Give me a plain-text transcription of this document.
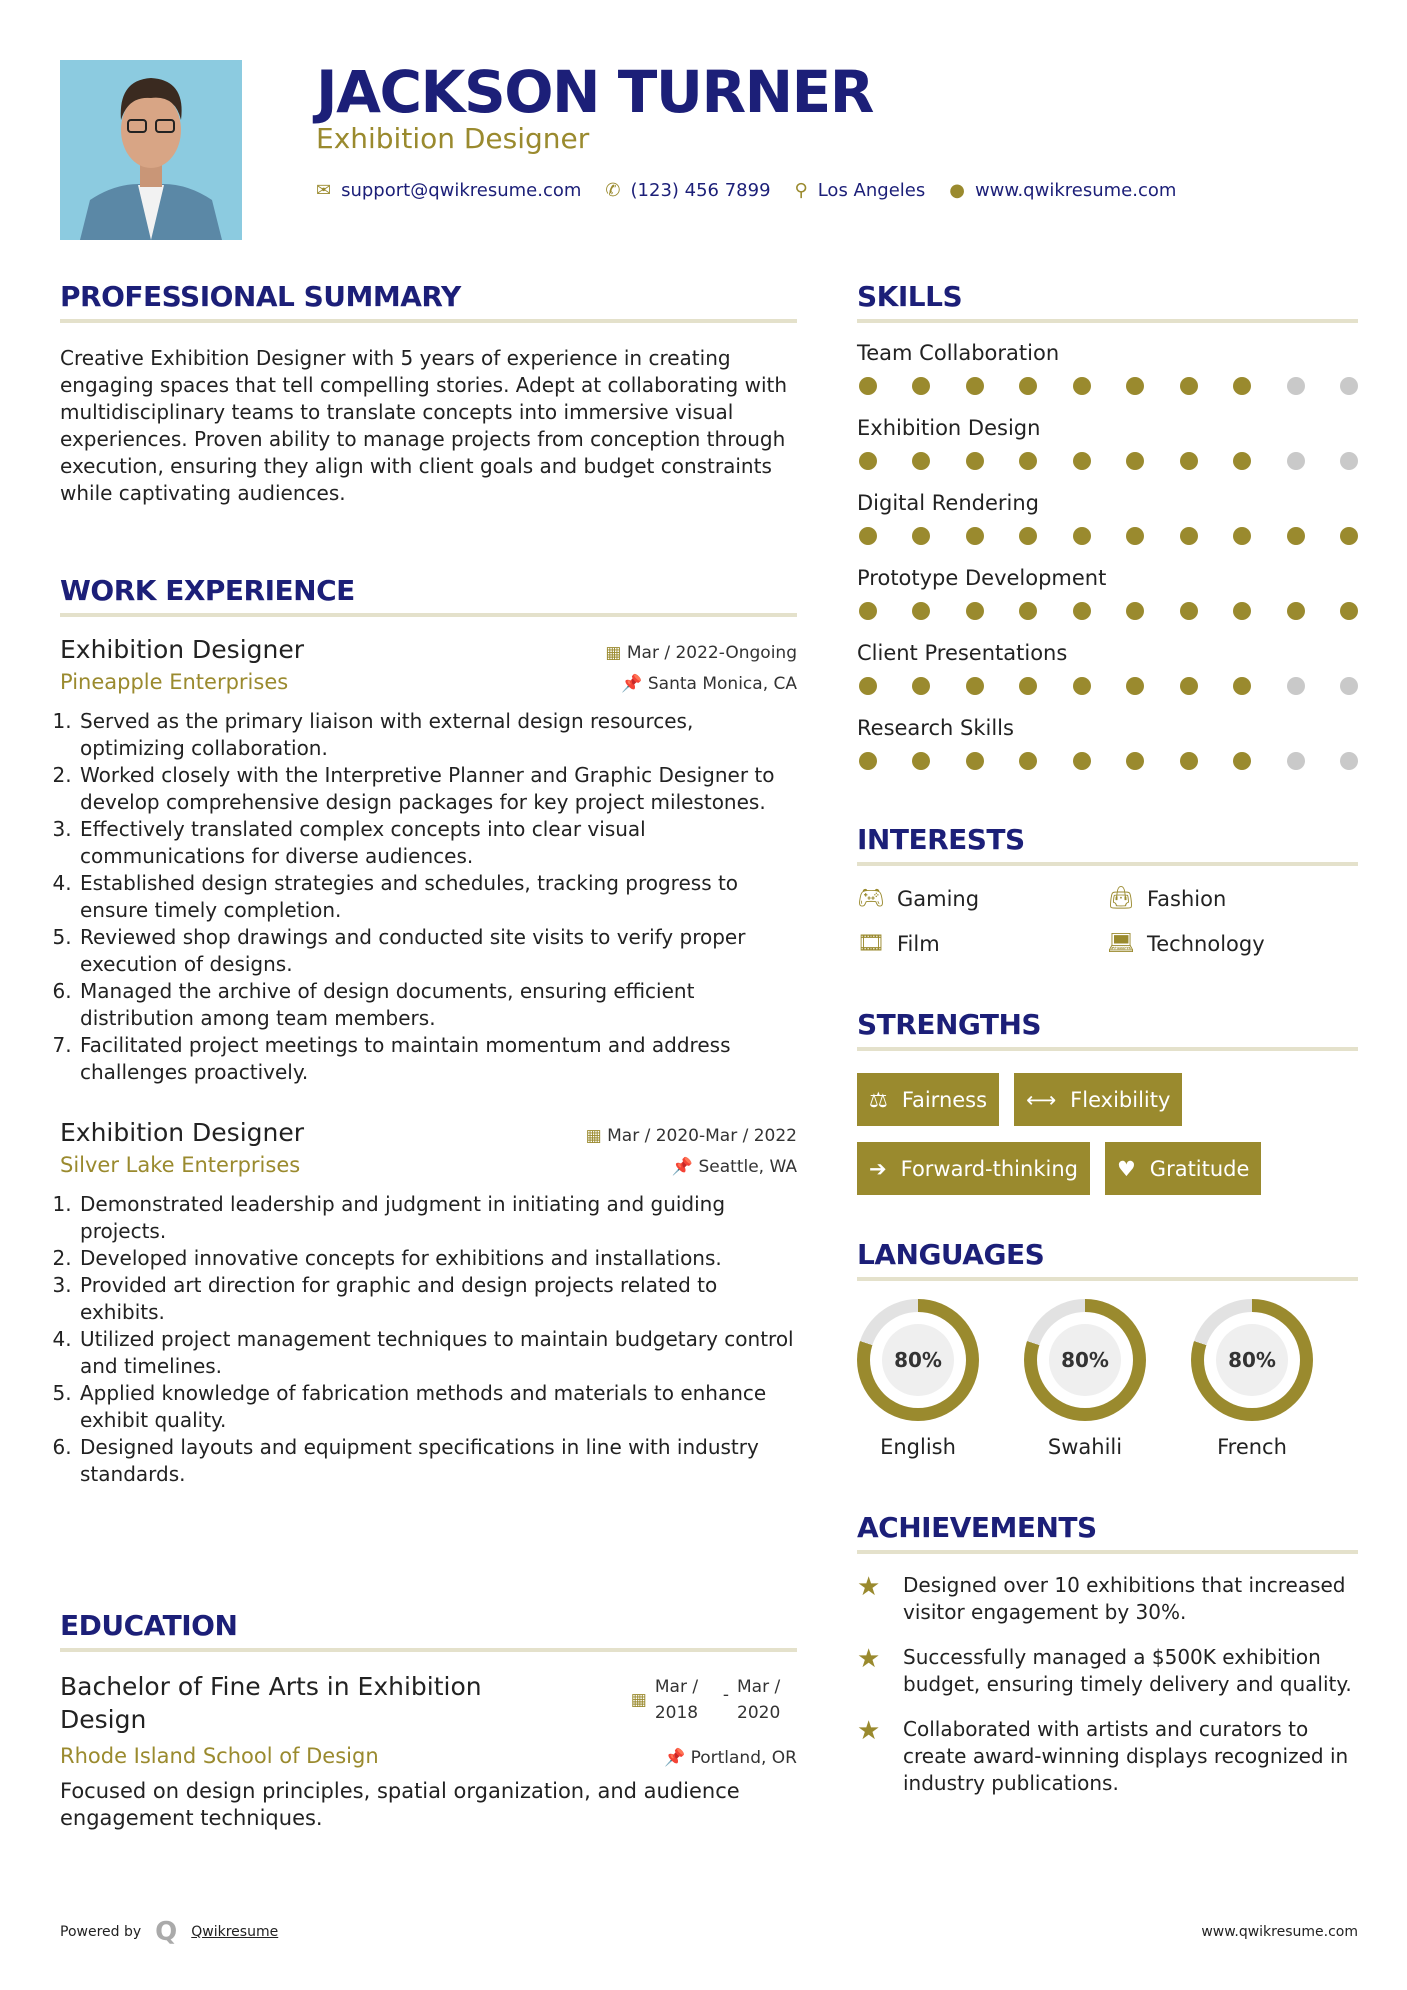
JACKSON TURNER
Exhibition Designer
✉ support@qwikresume.com ✆ (123) 456 7899 ⚲ Los Angeles ● www.qwikresume.com
PROFESSIONAL SUMMARY

Creative Exhibition Designer with 5 years of experience in creating engaging spaces that tell compelling stories. Adept at collaborating with multidisciplinary teams to translate concepts into immersive visual experiences. Proven ability to manage projects from conception through execution, ensuring they align with client goals and budget constraints while captivating audiences.

WORK EXPERIENCE
Exhibition Designer	▦ Mar / 2022-Ongoing
Pineapple Enterprises	📌 Santa Monica, CA
1. Served as the primary liaison with external design resources, optimizing collaboration.
2. Worked closely with the Interpretive Planner and Graphic Designer to develop comprehensive design packages for key project milestones.
3. Effectively translated complex concepts into clear visual communications for diverse audiences.
4. Established design strategies and schedules, tracking progress to ensure timely completion.
5. Reviewed shop drawings and conducted site visits to verify proper execution of designs.
6. Managed the archive of design documents, ensuring efficient distribution among team members.
7. Facilitated project meetings to maintain momentum and address challenges proactively.
Exhibition Designer	▦ Mar / 2020-Mar / 2022
Silver Lake Enterprises	📌 Seattle, WA
1. Demonstrated leadership and judgment in initiating and guiding projects.
2. Developed innovative concepts for exhibitions and installations.
3. Provided art direction for graphic and design projects related to exhibits.
4. Utilized project management techniques to maintain budgetary control and timelines.
5. Applied knowledge of fabrication methods and materials to enhance exhibit quality.
6. Designed layouts and equipment specifications in line with industry standards.
EDUCATION
Bachelor of Fine Arts in Exhibition Design
▦
Mar / 2018
- Mar / 2020
Rhode Island School of Design	📌 Portland, OR

Focused on design principles, spatial organization, and audience engagement techniques.

SKILLS
Team Collaboration
Exhibition Design
Digital Rendering
Prototype Development
Client Presentations
Research Skills
INTERESTS
🎮︎ Gaming	👜︎ Fashion
🎞︎ Film	💻︎ Technology
STRENGTHS
⚖ Fairness ⟷ Flexibility
➔ Forward-thinking ♥ Gratitude
LANGUAGES
80%
English
80%
Swahili
80%
French
ACHIEVEMENTS
★	Designed over 10 exhibitions that increased visitor engagement by 30%.
★	Successfully managed a $500K exhibition budget, ensuring timely delivery and quality.
★	Collaborated with artists and curators to create award-winning displays recognized in industry publications.
Powered by Q Qwikresume	www.qwikresume.com
